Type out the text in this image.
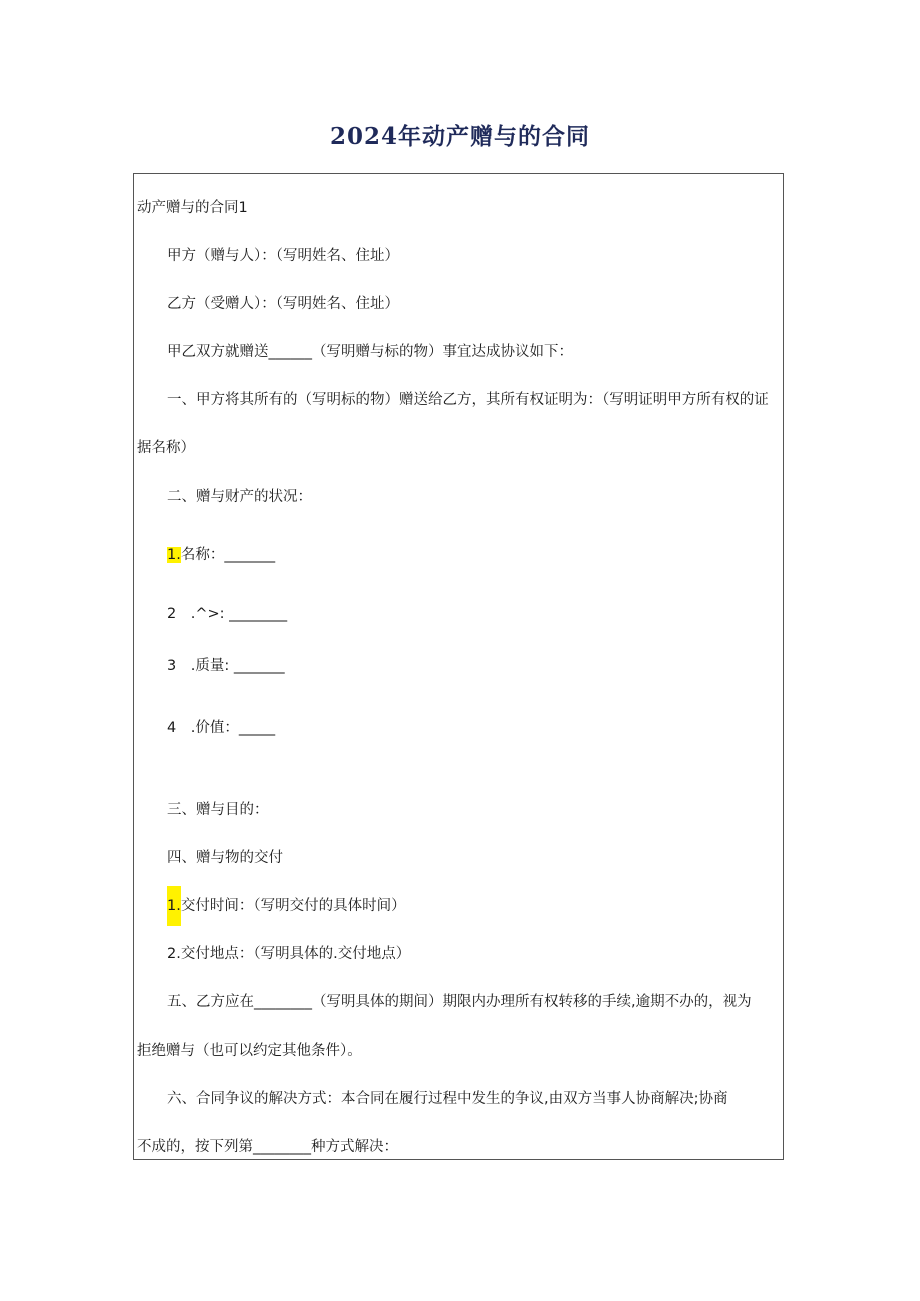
2024年动产赠与的合同
动产赠与的合同1
甲方（赠与人）：（写明姓名、住址）
乙方（受赠人）：（写明姓名、住址）
甲乙双方就赠送______（写明赠与标的物）事宜达成协议如下：
一、甲方将其所有的（写明标的物）赠送给乙方，其所有权证明为：（写明证明甲方所有权的证
据名称）
二、赠与财产的状况：
1.名称：_______
2　.^>: ________
3　.质量: _______
4　.价值：_____
三、赠与目的：
四、赠与物的交付
1.交付时间：（写明交付的具体时间）
2.交付地点：（写明具体的.交付地点）
五、乙方应在________（写明具体的期间）期限内办理所有权转移的手续,逾期不办的，视为
拒绝赠与（也可以约定其他条件）。
六、合同争议的解决方式：本合同在履行过程中发生的争议,由双方当事人协商解决;协商
不成的，按下列第________种方式解决：
